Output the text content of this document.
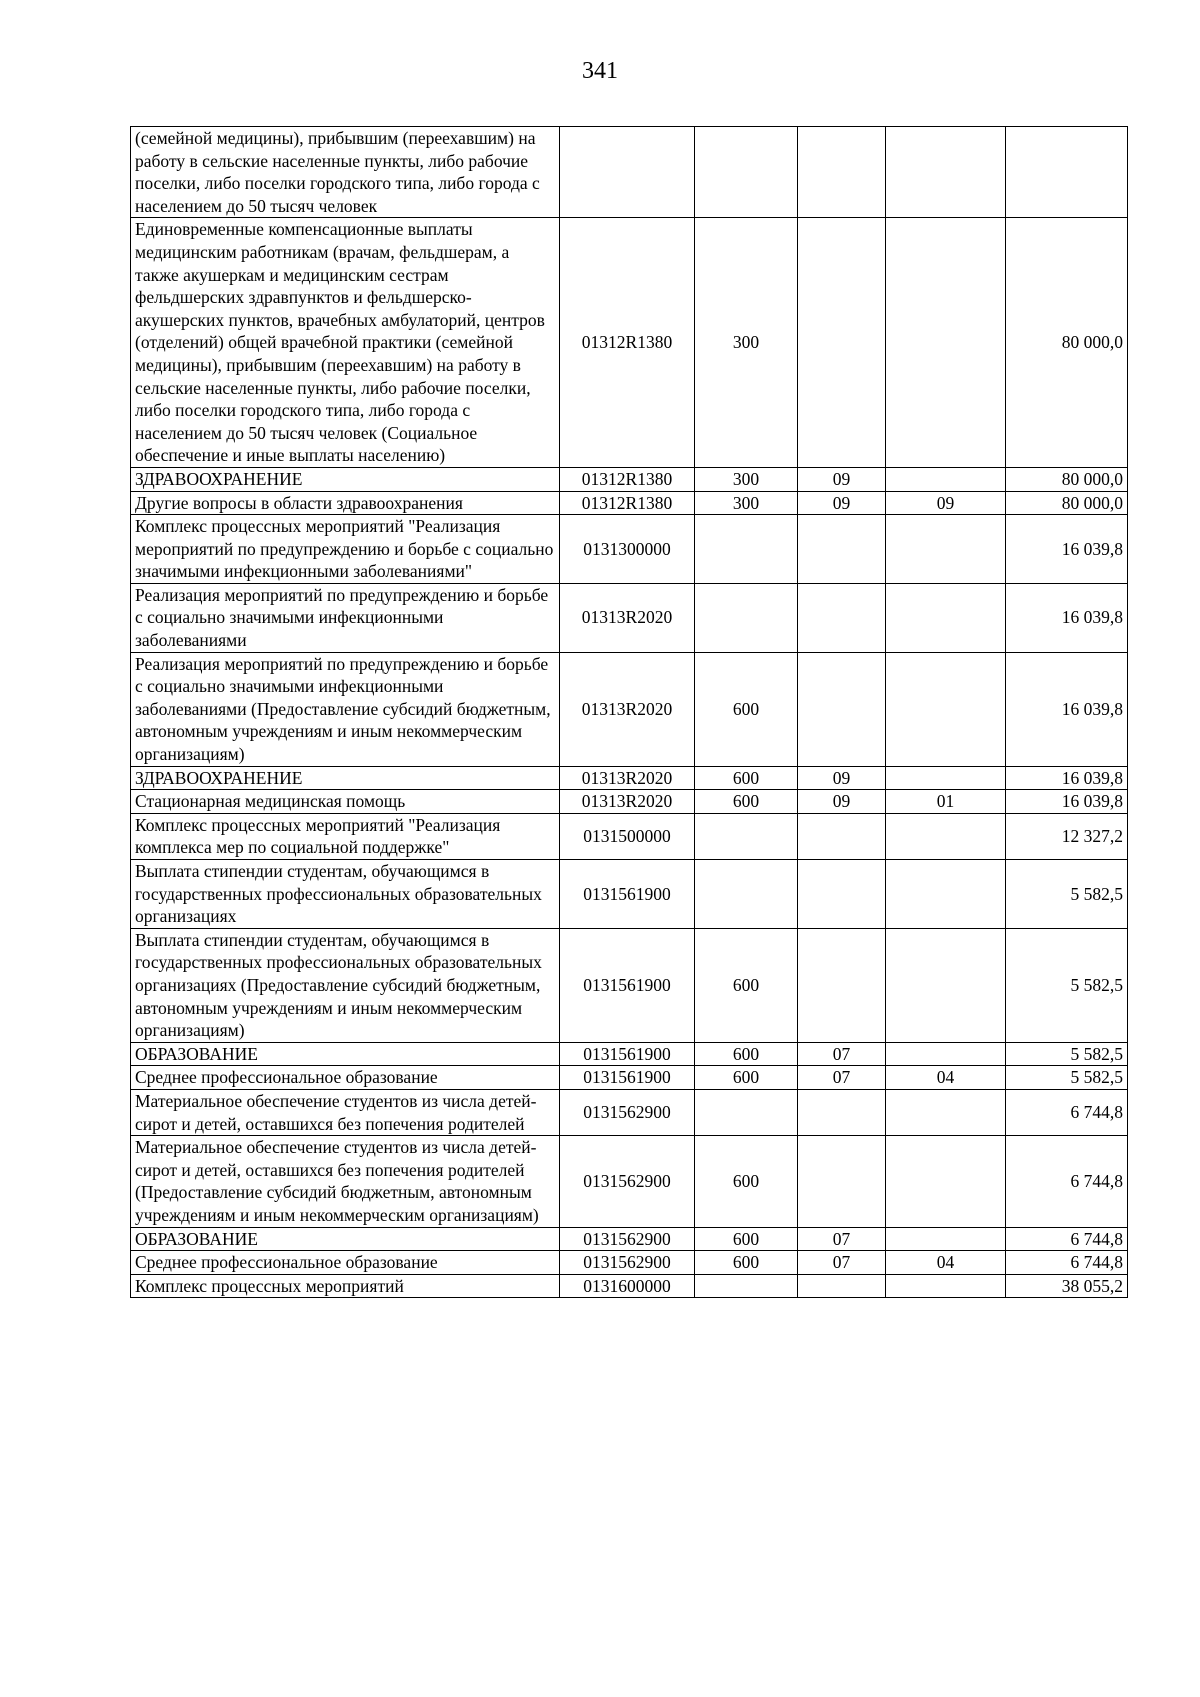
341
(семейной медицины), прибывшим (переехавшим) на работу в сельские населенные пункты, либо рабочие поселки, либо поселки городского типа, либо города с населением до 50 тысяч человек					
Единовременные компенсационные выплаты медицинским работникам (врачам, фельдшерам, а также акушеркам и медицинским сестрам фельдшерских здравпунктов и фельдшерско-акушерских пунктов, врачебных амбулаторий, центров (отделений) общей врачебной практики (семейной медицины), прибывшим (переехавшим) на работу в сельские населенные пункты, либо рабочие поселки, либо поселки городского типа, либо города с населением до 50 тысяч человек (Социальное обеспечение и иные выплаты населению)	01312R1380	300			80 000,0
ЗДРАВООХРАНЕНИЕ	01312R1380	300	09		80 000,0
Другие вопросы в области здравоохранения	01312R1380	300	09	09	80 000,0
Комплекс процессных мероприятий "Реализация мероприятий по предупреждению и борьбе с социально значимыми инфекционными заболеваниями"	0131300000				16 039,8
Реализация мероприятий по предупреждению и борьбе с социально значимыми инфекционными заболеваниями	01313R2020				16 039,8
Реализация мероприятий по предупреждению и борьбе с социально значимыми инфекционными заболеваниями (Предоставление субсидий бюджетным, автономным учреждениям и иным некоммерческим организациям)	01313R2020	600			16 039,8
ЗДРАВООХРАНЕНИЕ	01313R2020	600	09		16 039,8
Стационарная медицинская помощь	01313R2020	600	09	01	16 039,8
Комплекс процессных мероприятий "Реализация комплекса мер по социальной поддержке"	0131500000				12 327,2
Выплата стипендии студентам, обучающимся в государственных профессиональных образовательных организациях	0131561900				5 582,5
Выплата стипендии студентам, обучающимся в государственных профессиональных образовательных организациях (Предоставление субсидий бюджетным, автономным учреждениям и иным некоммерческим организациям)	0131561900	600			5 582,5
ОБРАЗОВАНИЕ	0131561900	600	07		5 582,5
Среднее профессиональное образование	0131561900	600	07	04	5 582,5
Материальное обеспечение студентов из числа детей-сирот и детей, оставшихся без попечения родителей	0131562900				6 744,8
Материальное обеспечение студентов из числа детей-сирот и детей, оставшихся без попечения родителей (Предоставление субсидий бюджетным, автономным учреждениям и иным некоммерческим организациям)	0131562900	600			6 744,8
ОБРАЗОВАНИЕ	0131562900	600	07		6 744,8
Среднее профессиональное образование	0131562900	600	07	04	6 744,8
Комплекс процессных мероприятий	0131600000				38 055,2
